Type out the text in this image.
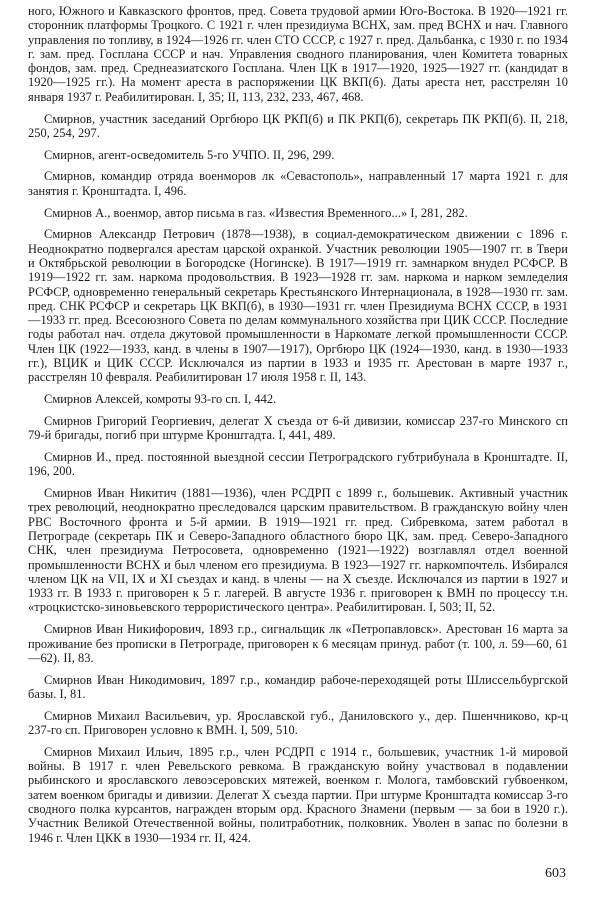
ного, Южного и Кавказского фронтов, пред. Совета трудовой армии Юго-Востока. В 1920—1921 гг. сторонник платформы Троцкого. С 1921 г. член президиума ВСНХ, зам. пред ВСНХ и нач. Главного управления по топливу, в 1924—1926 гг. член СТО СССР, с 1927 г. пред. Дальбанка, с 1930 г. по 1934 г. зам. пред. Госплана СССР и нач. Управления сводного планирования, член Комитета товарных фондов, зам. пред. Среднеазиатского Госплана. Член ЦК в 1917—1920, 1925—1927 гг. (кандидат в 1920—1925 гг.). На момент ареста в распоряжении ЦК ВКП(б). Даты ареста нет, расстрелян 10 января 1937 г. Реабилитирован. I, 35; II, 113, 232, 233, 467, 468.

Смирнов, участник заседаний Оргбюро ЦК РКП(б) и ПК РКП(б), секретарь ПК РКП(б). II, 218, 250, 254, 297.

Смирнов, агент-осведомитель 5-го УЧПО. II, 296, 299.

Смирнов, командир отряда военморов лк «Севастополь», направленный 17 марта 1921 г. для занятия г. Кронштадта. I, 496.

Смирнов А., военмор, автор письма в газ. «Известия Временного...» I, 281, 282.

Смирнов Александр Петрович (1878—1938), в социал-демократическом движении с 1896 г. Неоднократно подвергался арестам царской охранкой. Участник революции 1905—1907 гг. в Твери и Октябрьской революции в Богородске (Ногинске). В 1917—1919 гг. замнарком внудел РСФСР. В 1919—1922 гг. зам. наркома продовольствия. В 1923—1928 гг. зам. наркома и нарком земледелия РСФСР, одновременно генеральный секретарь Крестьянского Интернационала, в 1928—1930 гг. зам. пред. СНК РСФСР и секретарь ЦК ВКП(б), в 1930—1931 гг. член Президиума ВСНХ СССР, в 1931—1933 гг. пред. Всесоюзного Совета по делам коммунального хозяйства при ЦИК СССР. Последние годы работал нач. отдела джутовой промышленности в Наркомате легкой промышленности СССР. Член ЦК (1922—1933, канд. в члены в 1907—1917), Оргбюро ЦК (1924—1930, канд. в 1930—1933 гг.), ВЦИК и ЦИК СССР. Исключался из партии в 1933 и 1935 гг. Арестован в марте 1937 г., расстрелян 10 февраля. Реабилитирован 17 июля 1958 г. II, 143.

Смирнов Алексей, комроты 93-го сп. I, 442.

Смирнов Григорий Георгиевич, делегат Х съезда от 6-й дивизии, комиссар 237-го Минского сп 79-й бригады, погиб при штурме Кронштадта. I, 441, 489.

Смирнов И., пред. постоянной выездной сессии Петроградского губтрибунала в Кронштадте. II, 196, 200.

Смирнов Иван Никитич (1881—1936), член РСДРП с 1899 г., большевик. Активный участник трех революций, неоднократно преследовался царским правительством. В гражданскую войну член РВС Восточного фронта и 5-й армии. В 1919—1921 гг. пред. Сибревкома, затем работал в Петрограде (секретарь ПК и Северо-Западного областного бюро ЦК, зам. пред. Северо-Западного СНК, член президиума Петросовета, одновременно (1921—1922) возглавлял отдел военной промышленности ВСНХ и был членом его президиума. В 1923—1927 гг. наркомпочтель. Избирался членом ЦК на VII, IX и XI съездах и канд. в члены — на Х съезде. Исключался из партии в 1927 и 1933 гг. В 1933 г. приговорен к 5 г. лагерей. В августе 1936 г. приговорен к ВМН по процессу т.н. «троцкистско-зиновьевского террористического центра». Реабилитирован. I, 503; II, 52.

Смирнов Иван Никифорович, 1893 г.р., сигнальщик лк «Петропавловск». Арестован 16 марта за проживание без прописки в Петрограде, приговорен к 6 месяцам принуд. работ (т. 100, л. 59—60, 61—62). II, 83.

Смирнов Иван Никодимович, 1897 г.р., командир рабоче-переходящей роты Шлиссельбургской базы. I, 81.

Смирнов Михаил Васильевич, ур. Ярославской губ., Даниловского у., дер. Пшенчниково, кр-ц 237-го сп. Приговорен условно к ВМН. I, 509, 510.

Смирнов Михаил Ильич, 1895 г.р., член РСДРП с 1914 г., большевик, участник 1-й мировой войны. В 1917 г. член Ревельского ревкома. В гражданскую войну участвовал в подавлении рыбинского и ярославского левоэсеровских мятежей, военком г. Молога, тамбовский губвоенком, затем военком бригады и дивизии. Делегат Х съезда партии. При штурме Кронштадта комиссар 3-го сводного полка курсантов, награжден вторым орд. Красного Знамени (первым — за бои в 1920 г.). Участник Великой Отечественной войны, политработник, полковник. Уволен в запас по болезни в 1946 г. Член ЦКК в 1930—1934 гг. II, 424.

603
